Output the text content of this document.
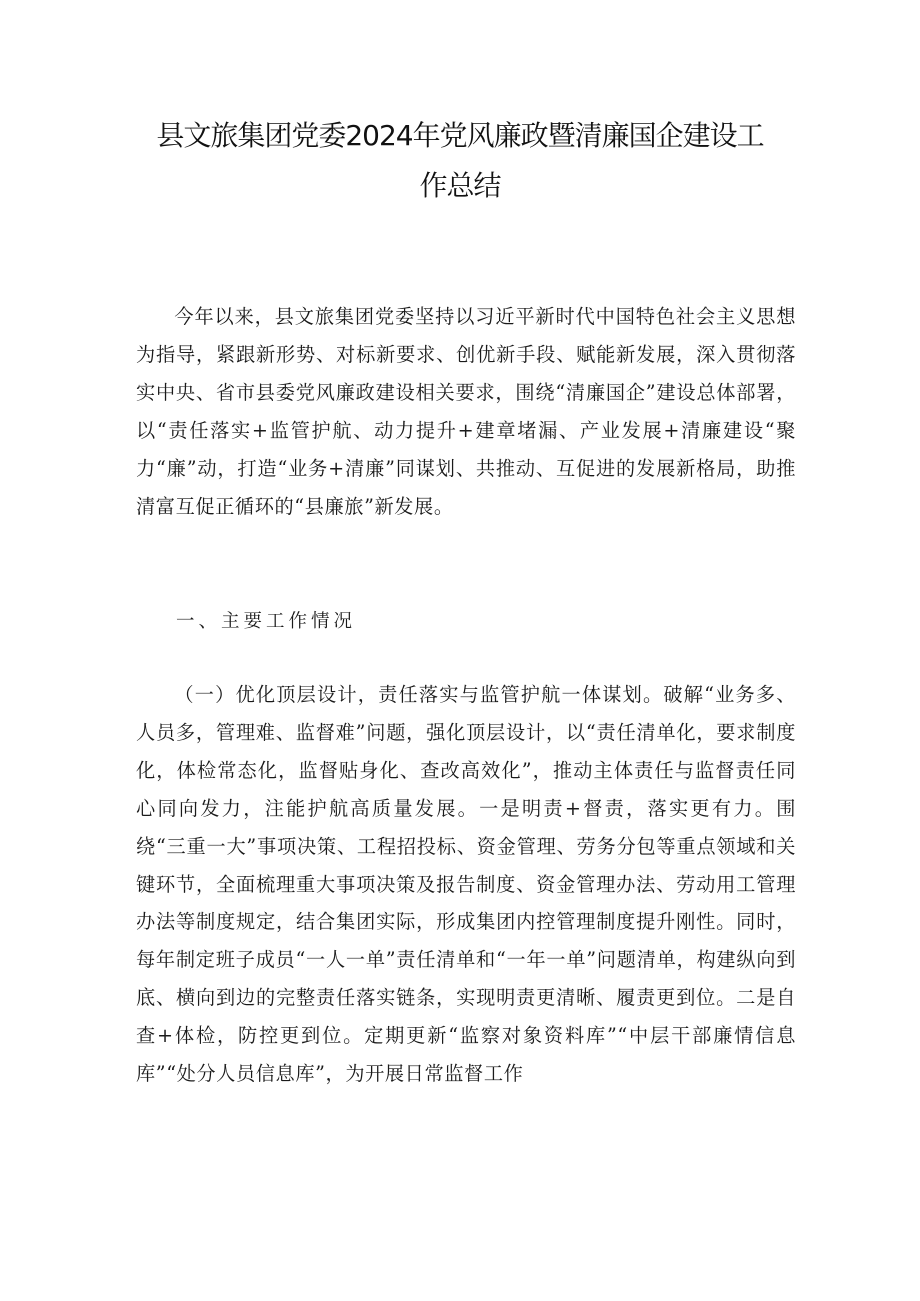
县文旅集团党委2024年党风廉政暨清廉国企建设工
作总结

今年以来，县文旅集团党委坚持以习近平新时代中国特色社会主义思想为指导，紧跟新形势、对标新要求、创优新手段、赋能新发展，深入贯彻落实中央、省市县委党风廉政建设相关要求，围绕“清廉国企”建设总体部署，以“责任落实+监管护航、动力提升+建章堵漏、产业发展+清廉建设“聚力“廉”动，打造“业务+清廉”同谋划、共推动、互促进的发展新格局，助推清富互促正循环的“县廉旅”新发展。

一、主要工作情况

（一）优化顶层设计，责任落实与监管护航一体谋划。破解“业务多、人员多，管理难、监督难”问题，强化顶层设计，以“责任清单化，要求制度化，体检常态化，监督贴身化、查改高效化”，推动主体责任与监督责任同心同向发力，注能护航高质量发展。一是明责+督责，落实更有力。围绕“三重一大”事项决策、工程招投标、资金管理、劳务分包等重点领域和关键环节，全面梳理重大事项决策及报告制度、资金管理办法、劳动用工管理办法等制度规定，结合集团实际，形成集团内控管理制度提升刚性。同时，每年制定班子成员“一人一单”责任清单和“一年一单”问题清单，构建纵向到底、横向到边的完整责任落实链条，实现明责更清晰、履责更到位。二是自查+体检，防控更到位。定期更新“监察对象资料库”“中层干部廉情信息库”“处分人员信息库”，为开展日常监督工作
